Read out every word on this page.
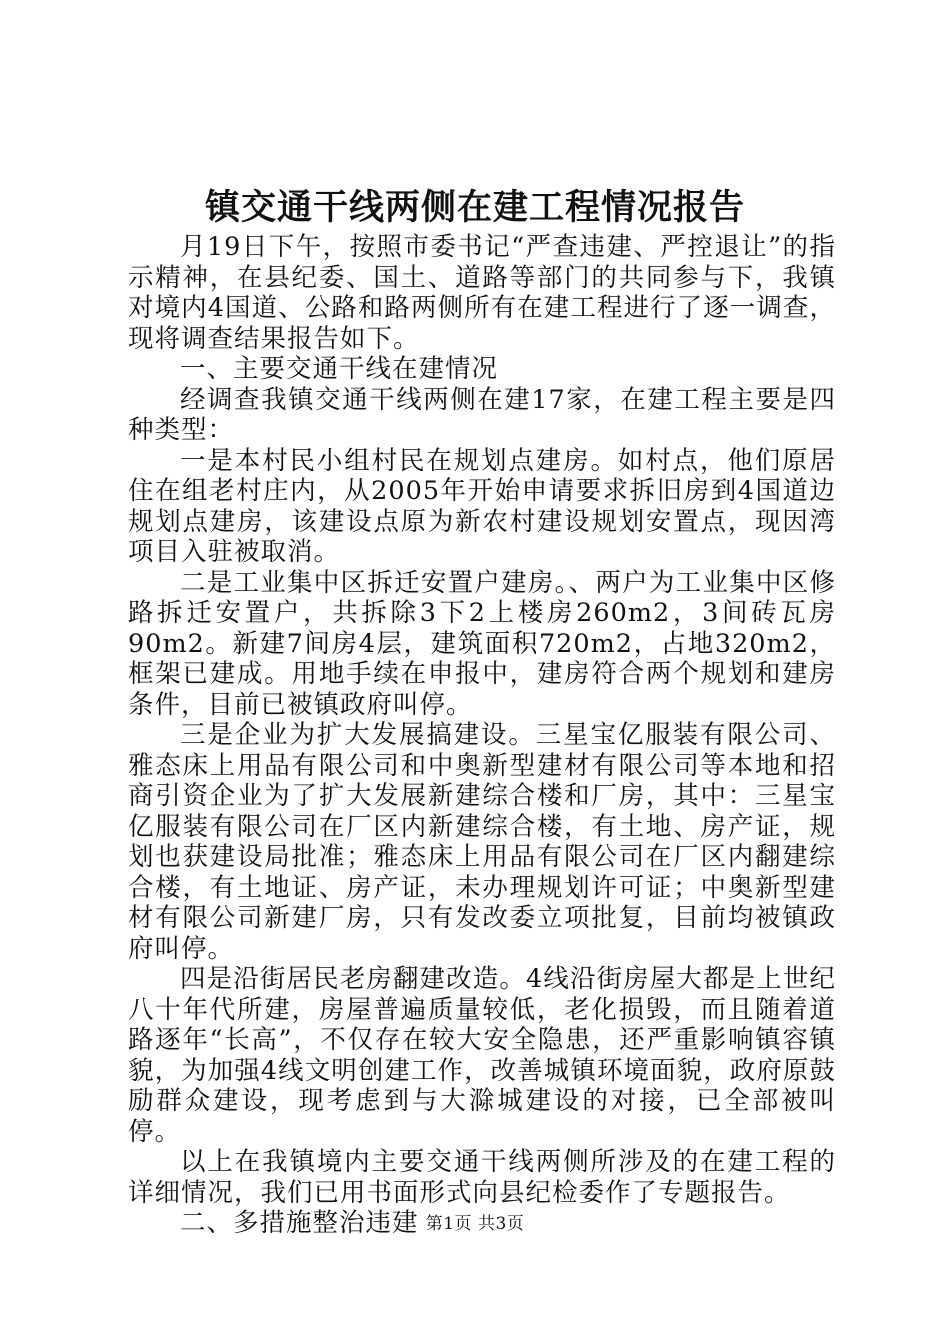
镇交通干线两侧在建工程情况报告

月19日下午，按照市委书记“严查违建、严控退让”的指示精神，在县纪委、国土、道路等部门的共同参与下，我镇对境内4国道、公路和路两侧所有在建工程进行了逐一调查，现将调查结果报告如下。

一、主要交通干线在建情况

经调查我镇交通干线两侧在建17家，在建工程主要是四种类型：

一是本村民小组村民在规划点建房。如村点，他们原居住在组老村庄内，从2005年开始申请要求拆旧房到4国道边规划点建房，该建设点原为新农村建设规划安置点，现因湾项目入驻被取消。

二是工业集中区拆迁安置户建房。、两户为工业集中区修路拆迁安置户，共拆除3下2上楼房260m2，3间砖瓦房90m2。新建7间房4层，建筑面积720m2，占地320m2，框架已建成。用地手续在申报中，建房符合两个规划和建房条件，目前已被镇政府叫停。

三是企业为扩大发展搞建设。三星宝亿服装有限公司、雅态床上用品有限公司和中奥新型建材有限公司等本地和招商引资企业为了扩大发展新建综合楼和厂房，其中：三星宝亿服装有限公司在厂区内新建综合楼，有土地、房产证，规划也获建设局批准；雅态床上用品有限公司在厂区内翻建综合楼，有土地证、房产证，未办理规划许可证；中奥新型建材有限公司新建厂房，只有发改委立项批复，目前均被镇政府叫停。

四是沿街居民老房翻建改造。4线沿街房屋大都是上世纪八十年代所建，房屋普遍质量较低，老化损毁，而且随着道路逐年“长高”，不仅存在较大安全隐患，还严重影响镇容镇貌，为加强4线文明创建工作，改善城镇环境面貌，政府原鼓励群众建设，现考虑到与大滁城建设的对接，已全部被叫停。

以上在我镇境内主要交通干线两侧所涉及的在建工程的详细情况，我们已用书面形式向县纪检委作了专题报告。

二、多措施整治违建 第1页 共3页
